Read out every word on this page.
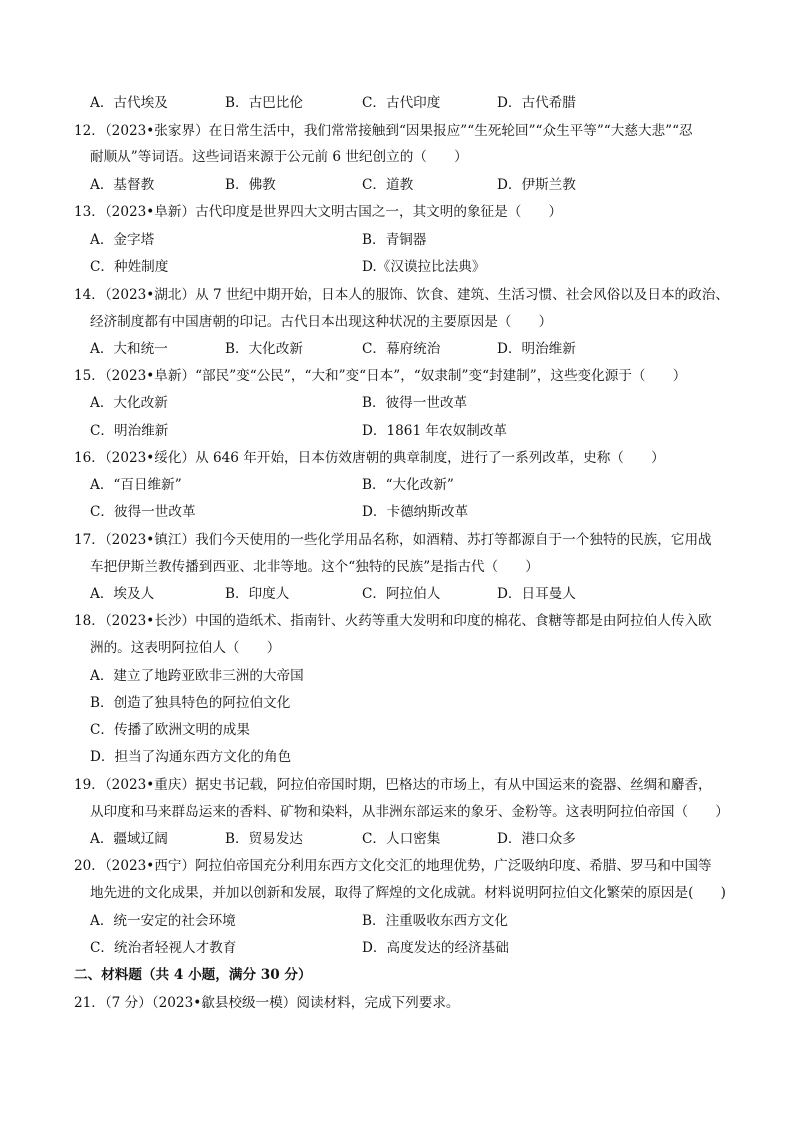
A．古代埃及	B．古巴比伦	C．古代印度	D．古代希腊
12．（2023•张家界）在日常生活中，我们常常接触到“因果报应”“生死轮回”“众生平等”“大慈大悲”“忍
耐顺从”等词语。这些词语来源于公元前 6 世纪创立的（　　）
A．基督教	B．佛教	C．道教	D．伊斯兰教
13．（2023•阜新）古代印度是世界四大文明古国之一，其文明的象征是（　　）
A．金字塔	B．青铜器
C．种姓制度	D.《汉谟拉比法典》
14．（2023•湖北）从 7 世纪中期开始，日本人的服饰、饮食、建筑、生活习惯、社会风俗以及日本的政治、
经济制度都有中国唐朝的印记。古代日本出现这种状况的主要原因是（　　）
A．大和统一	B．大化改新	C．幕府统治	D．明治维新
15．（2023•阜新）“部民”变“公民”，“大和”变“日本”，“奴隶制”变“封建制”，这些变化源于（　　）
A．大化改新	B．彼得一世改革
C．明治维新	D．1861 年农奴制改革
16．（2023•绥化）从 646 年开始，日本仿效唐朝的典章制度，进行了一系列改革，史称（　　）
A．“百日维新”	B．“大化改新”
C．彼得一世改革	D．卡德纳斯改革
17．（2023•镇江）我们今天使用的一些化学用品名称，如酒精、苏打等都源自于一个独特的民族，它用战
车把伊斯兰教传播到西亚、北非等地。这个“独特的民族”是指古代（　　）
A．埃及人	B．印度人	C．阿拉伯人	D．日耳曼人
18．（2023•长沙）中国的造纸术、指南针、火药等重大发明和印度的棉花、食糖等都是由阿拉伯人传入欧
洲的。这表明阿拉伯人（　　）
A．建立了地跨亚欧非三洲的大帝国
B．创造了独具特色的阿拉伯文化
C．传播了欧洲文明的成果
D．担当了沟通东西方文化的角色
19．（2023•重庆）据史书记载，阿拉伯帝国时期，巴格达的市场上，有从中国运来的瓷器、丝绸和麝香，
从印度和马来群岛运来的香料、矿物和染料，从非洲东部运来的象牙、金粉等。这表明阿拉伯帝国（　　）
A．疆域辽阔	B．贸易发达	C．人口密集	D．港口众多
20．（2023•西宁）阿拉伯帝国充分利用东西方文化交汇的地理优势，广泛吸纳印度、希腊、罗马和中国等
地先进的文化成果，并加以创新和发展，取得了辉煌的文化成就。材料说明阿拉伯文化繁荣的原因是(　　)
A．统一安定的社会环境	B．注重吸收东西方文化
C．统治者轻视人才教育	D．高度发达的经济基础
二、材料题（共 4 小题，满分 30 分）
21．（7 分）（2023•歙县校级一模）阅读材料，完成下列要求。
